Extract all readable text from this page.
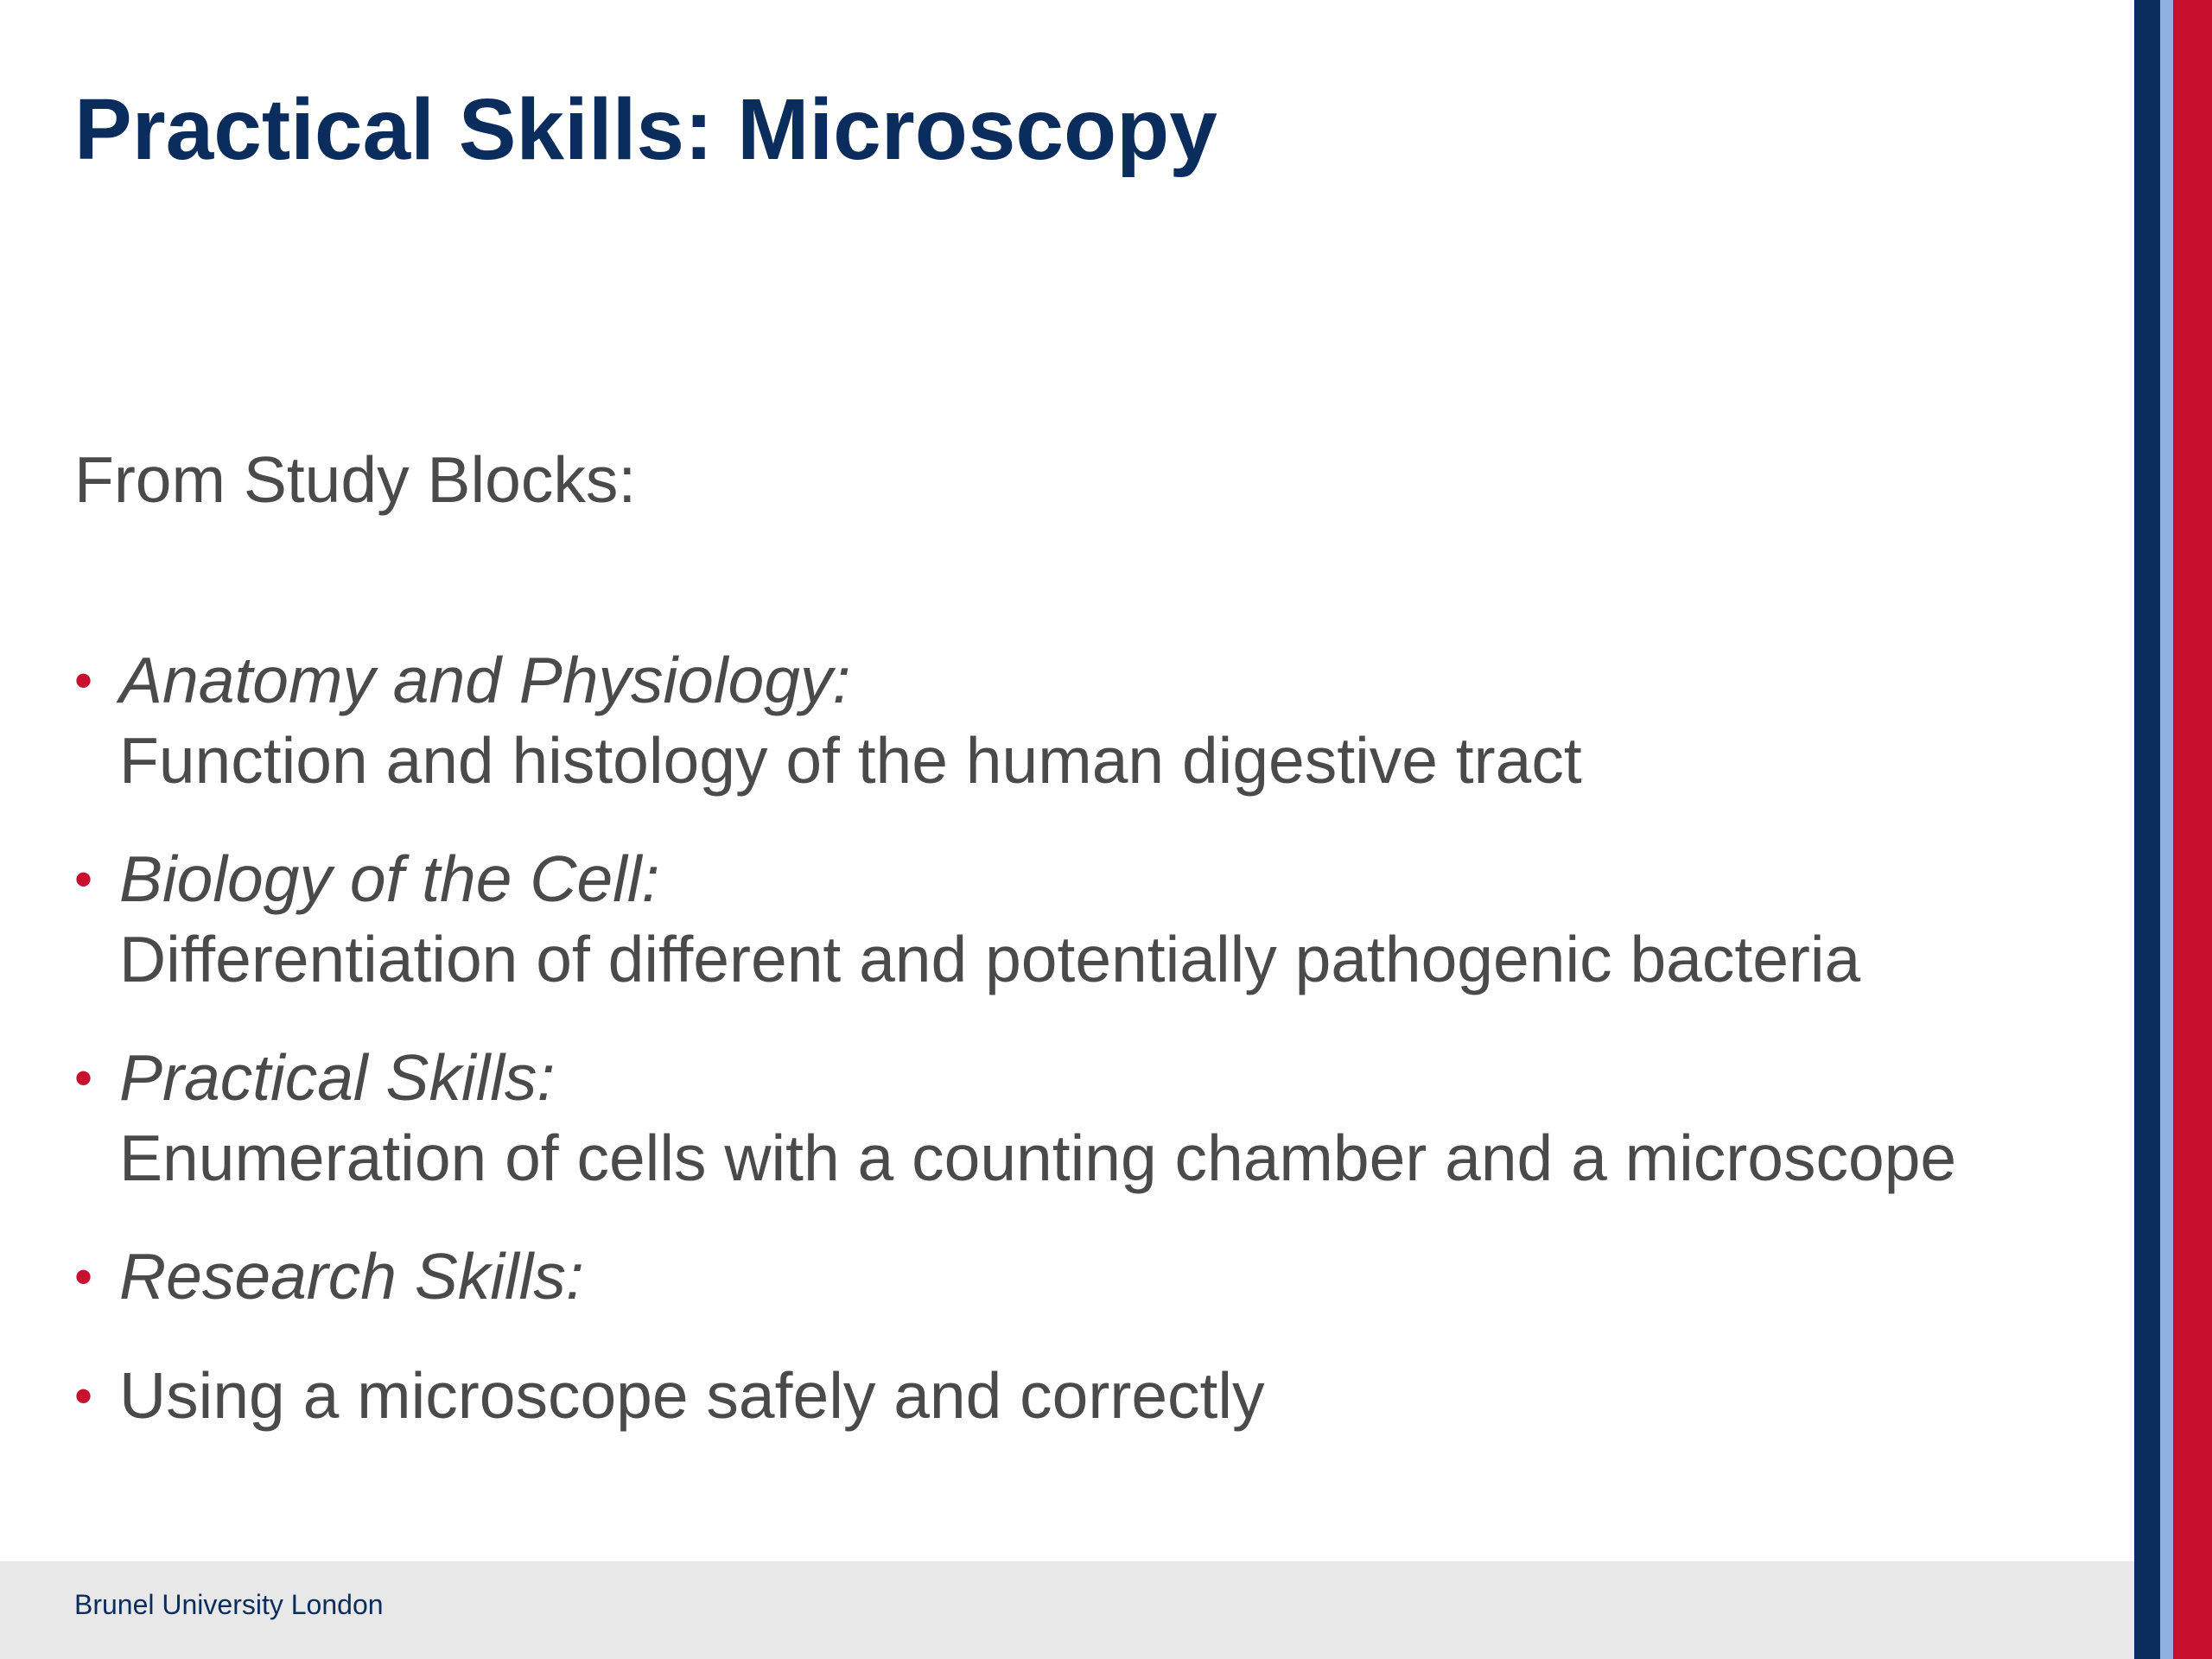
Practical Skills: Microscopy

From Study Blocks:

• Anatomy and Physiology:
Function and histology of the human digestive tract
• Biology of the Cell:
Differentiation of different and potentially pathogenic bacteria
• Practical Skills:
Enumeration of cells with a counting chamber and a microscope
• Research Skills:
• Using a microscope safely and correctly
Brunel University London
